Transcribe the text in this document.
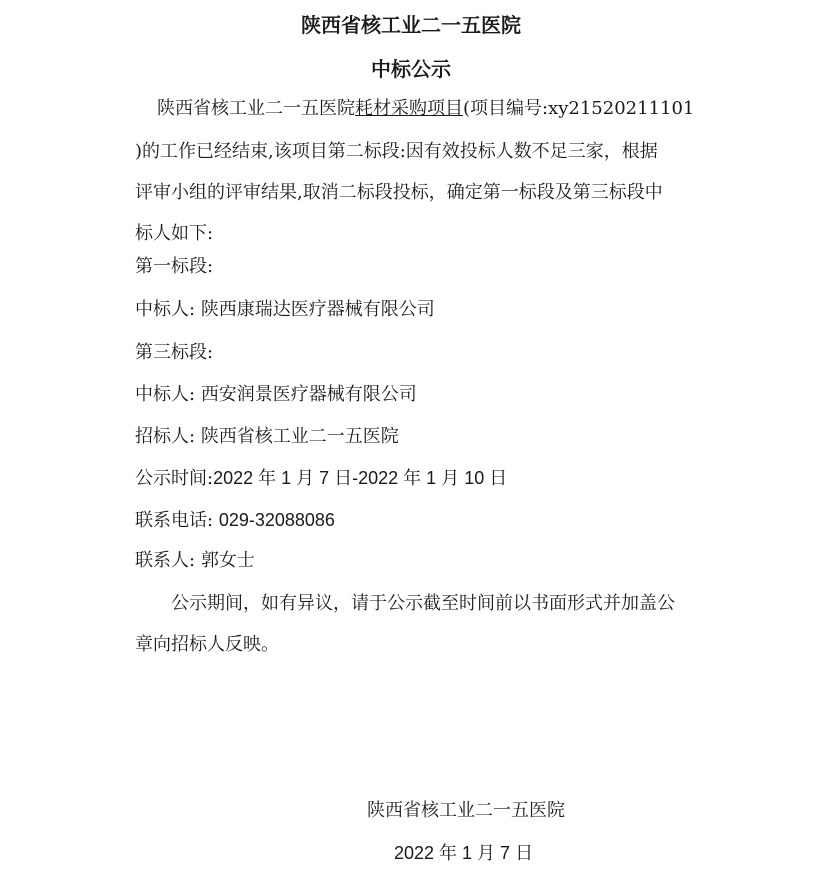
陕西省核工业二一五医院
中标公示
陕西省核工业二一五医院耗材采购项目(项目编号:xy21520211101
)的工作已经结束,该项目第二标段:因有效投标人数不足三家，根据
评审小组的评审结果,取消二标段投标，确定第一标段及第三标段中
标人如下:
第一标段:
中标人: 陕西康瑞达医疗器械有限公司
第三标段:
中标人: 西安润景医疗器械有限公司
招标人: 陕西省核工业二一五医院
公示时间:2022 年 1 月 7 日-2022 年 1 月 10 日
联系电话: 029-32088086
联系人: 郭女士
公示期间，如有异议，请于公示截至时间前以书面形式并加盖公
章向招标人反映。
陕西省核工业二一五医院
2022 年 1 月 7 日
